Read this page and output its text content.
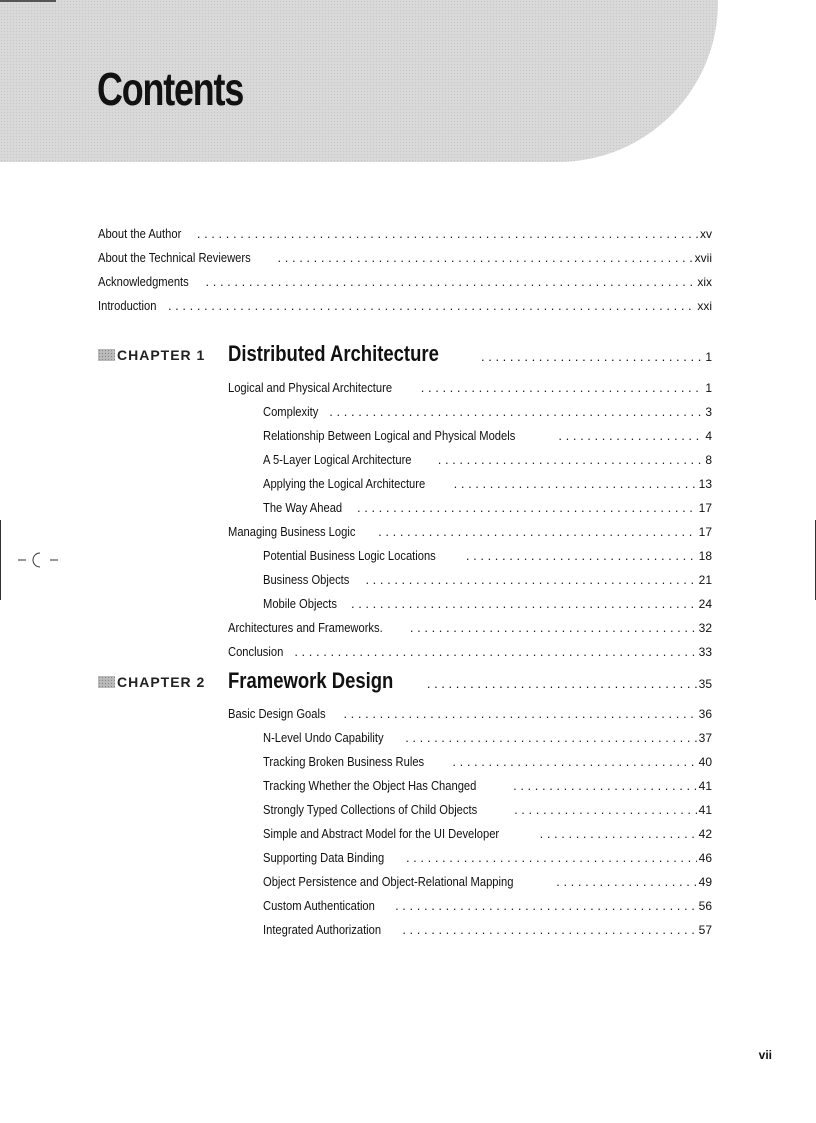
Contents
About the Author . . .	xv
About the Technical Reviewers . . .	xvii
Acknowledgments . . .	xix
Introduction . . .	xxi
CHAPTER 1 Distributed Architecture . . .	1
Logical and Physical Architecture . . .	1
Complexity . . .	3
Relationship Between Logical and Physical Models . . .	4
A 5-Layer Logical Architecture . . .	8
Applying the Logical Architecture . . .	13
The Way Ahead . . .	17
Managing Business Logic . . .	17
Potential Business Logic Locations . . .	18
Business Objects . . .	21
Mobile Objects . . .	24
Architectures and Frameworks. . . .	32
Conclusion . . .	33
CHAPTER 2 Framework Design . . .	35
Basic Design Goals . . .	36
N-Level Undo Capability . . .	37
Tracking Broken Business Rules . . .	40
Tracking Whether the Object Has Changed . . .	41
Strongly Typed Collections of Child Objects . . .	41
Simple and Abstract Model for the UI Developer . . .	42
Supporting Data Binding . . .	46
Object Persistence and Object-Relational Mapping . . .	49
Custom Authentication . . .	56
Integrated Authorization . . .	57
vii
